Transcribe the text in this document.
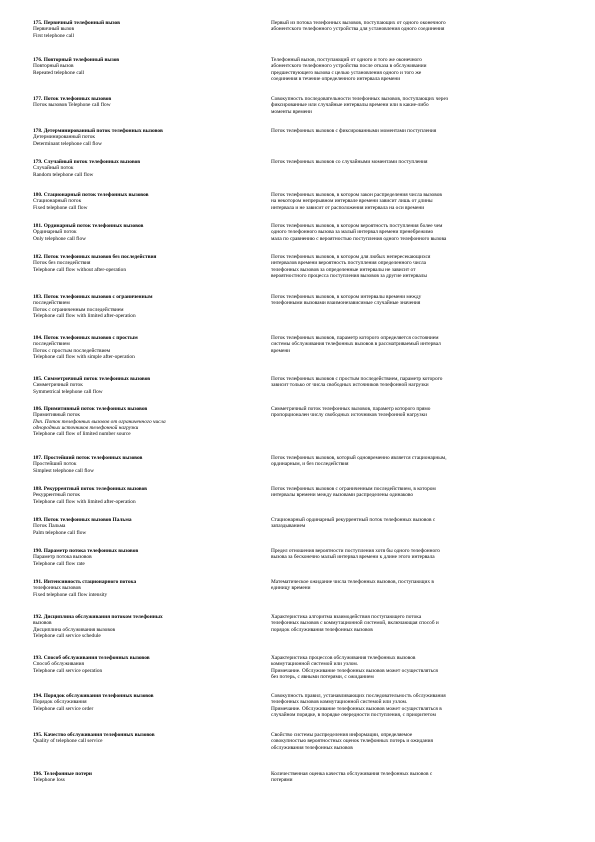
175. Первичный телефонный вызов
Первичный вызов
First telephone call
Первый из потока телефонных вызовов, поступающих от одного оконечного
абонентского телефонного устройства для установления одного соединения
176. Повторный телефонный вызов
Повторный вызов
Repeated telephone call
Телефонный вызов, поступающий от одного и того же оконечного
абонентского телефонного устройства после отказа в обслуживании
предшествующего вызова с целью установления одного и того же
соединения в течение определенного интервала времени
177. Поток телефонных вызовов
Поток вызовов Telephone call flow
Совокупность последовательности телефонных вызовов, поступающих через
фиксированные или случайные интервалы времени или в какие-либо
моменты времени
178. Детерминированный поток телефонных вызовов
Детерминированный поток
Determinant telephone call flow
Поток телефонных вызовов с фиксированными моментами поступления
179. Случайный поток телефонных вызовов
Случайный поток
Random telephone call flow
Поток телефонных вызовов со случайными моментами поступления
180. Стационарный поток телефонных вызовов
Стационарный поток
Fixed telephone call flow
Поток телефонных вызовов, в котором закон распределения числа вызовов
на некотором непрерывном интервале времени зависит лишь от длины
интервала и не зависит от расположения интервала на оси времени
181. Ординарный поток телефонных вызовов
Ординарный поток
Only telephone call flow
Поток телефонных вызовов, в котором вероятность поступления более чем
одного телефонного вызова за малый интервал времени пренебрежимо
мала по сравнению с вероятностью поступления одного телефонного вызова
182. Поток телефонных вызовов без последействия
Поток без последействия
Telephone call flow without after-operation
Поток телефонных вызовов, в котором для любых непересекающихся
интервалов времени вероятность поступления определенного числа
телефонных вызовов за определенные интервалы не зависит от
вероятностного процесса поступления вызовов за другие интервалы
183. Поток телефонных вызовов с ограниченным
последействием
Поток с ограниченным последействием
Telephone call flow with limited after-operation
Поток телефонных вызовов, в котором интервалы времени между
телефонными вызовами взаимонезависимые случайные значения
184. Поток телефонных вызовов с простым
последействием
Поток с простым последействием
Telephone call flow with simple after-operation
Поток телефонных вызовов, параметр которого определяется состоянием
системы обслуживания телефонных вызовов в рассматриваемый интервал
времени
185. Симметричный поток телефонных вызовов
Симметричный поток
Symmetrical telephone call flow
Поток телефонных вызовов с простым последействием, параметр которого
зависит только от числа свободных источников телефонной нагрузки
186. Примитивный поток телефонных вызовов
Примитивный поток
Пчп. Поток телефонных вызовов от ограниченного числа
однородных источников телефонной нагрузки
Telephone call flow of limited number source
Симметричный поток телефонных вызовов, параметр которого прямо
пропорционален числу свободных источников телефонной нагрузки
187. Простейший поток телефонных вызовов
Простейший поток
Simplest telephone call flow
Поток телефонных вызовов, который одновременно является стационарным,
ординарным, и без последействия
188. Рекуррентный поток телефонных вызовов
Рекуррентный поток
Telephone call flow with limited after-operation
Поток телефонных вызовов с ограниченным последействием, в котором
интервалы времени между вызовами распределены одинаково
189. Поток телефонных вызовов Пальма
Поток Пальма
Palm telephone call flow
Стационарный ординарный рекуррентный поток телефонных вызовов с
запаздыванием
190. Параметр потока телефонных вызовов
Параметр потока вызовов
Telephone call flow rate
Предел отношения вероятности поступления хотя бы одного телефонного
вызова за бесконечно малый интервал времени к длине этого интервала
191. Интенсивность стационарного потока
телефонных вызовов
Fixed telephone call flow intensity
Математическое ожидание числа телефонных вызовов, поступающих в
единицу времени
192. Дисциплина обслуживания потоком телефонных
вызовов
Дисциплина обслуживания вызовов
Telephone call service schedule
Характеристика алгоритма взаимодействия поступающего потока
телефонных вызовов с коммутационной системой, включающая способ и
порядок обслуживания телефонных вызовов
193. Способ обслуживания телефонных вызовов
Способ обслуживания
Telephone call service operation
Характеристика процессов обслуживания телефонных вызовов
коммутационной системой или узлом.
Примечание. Обслуживание телефонных вызовов может осуществляться
без потерь, с явными потерями, с ожиданием
194. Порядок обслуживания телефонных вызовов
Порядок обслуживания
Telephone call service order
Совокупность правил, устанавливающих последовательность обслуживания
телефонных вызовов коммутационной системой или узлом.
Примечание. Обслуживание телефонных вызовов может осуществляться в
случайном порядке, в порядке очередности поступления, с приоритетом
195. Качество обслуживания телефонных вызовов
Quality of telephone call service
Свойство системы распределения информации, определяемое
совокупностью вероятностных оценок телефонных потерь и ожидания
обслуживания телефонных вызовов
196. Телефонные потери
Telephone loss
Количественная оценка качества обслуживания телефонных вызовов с
потерями
